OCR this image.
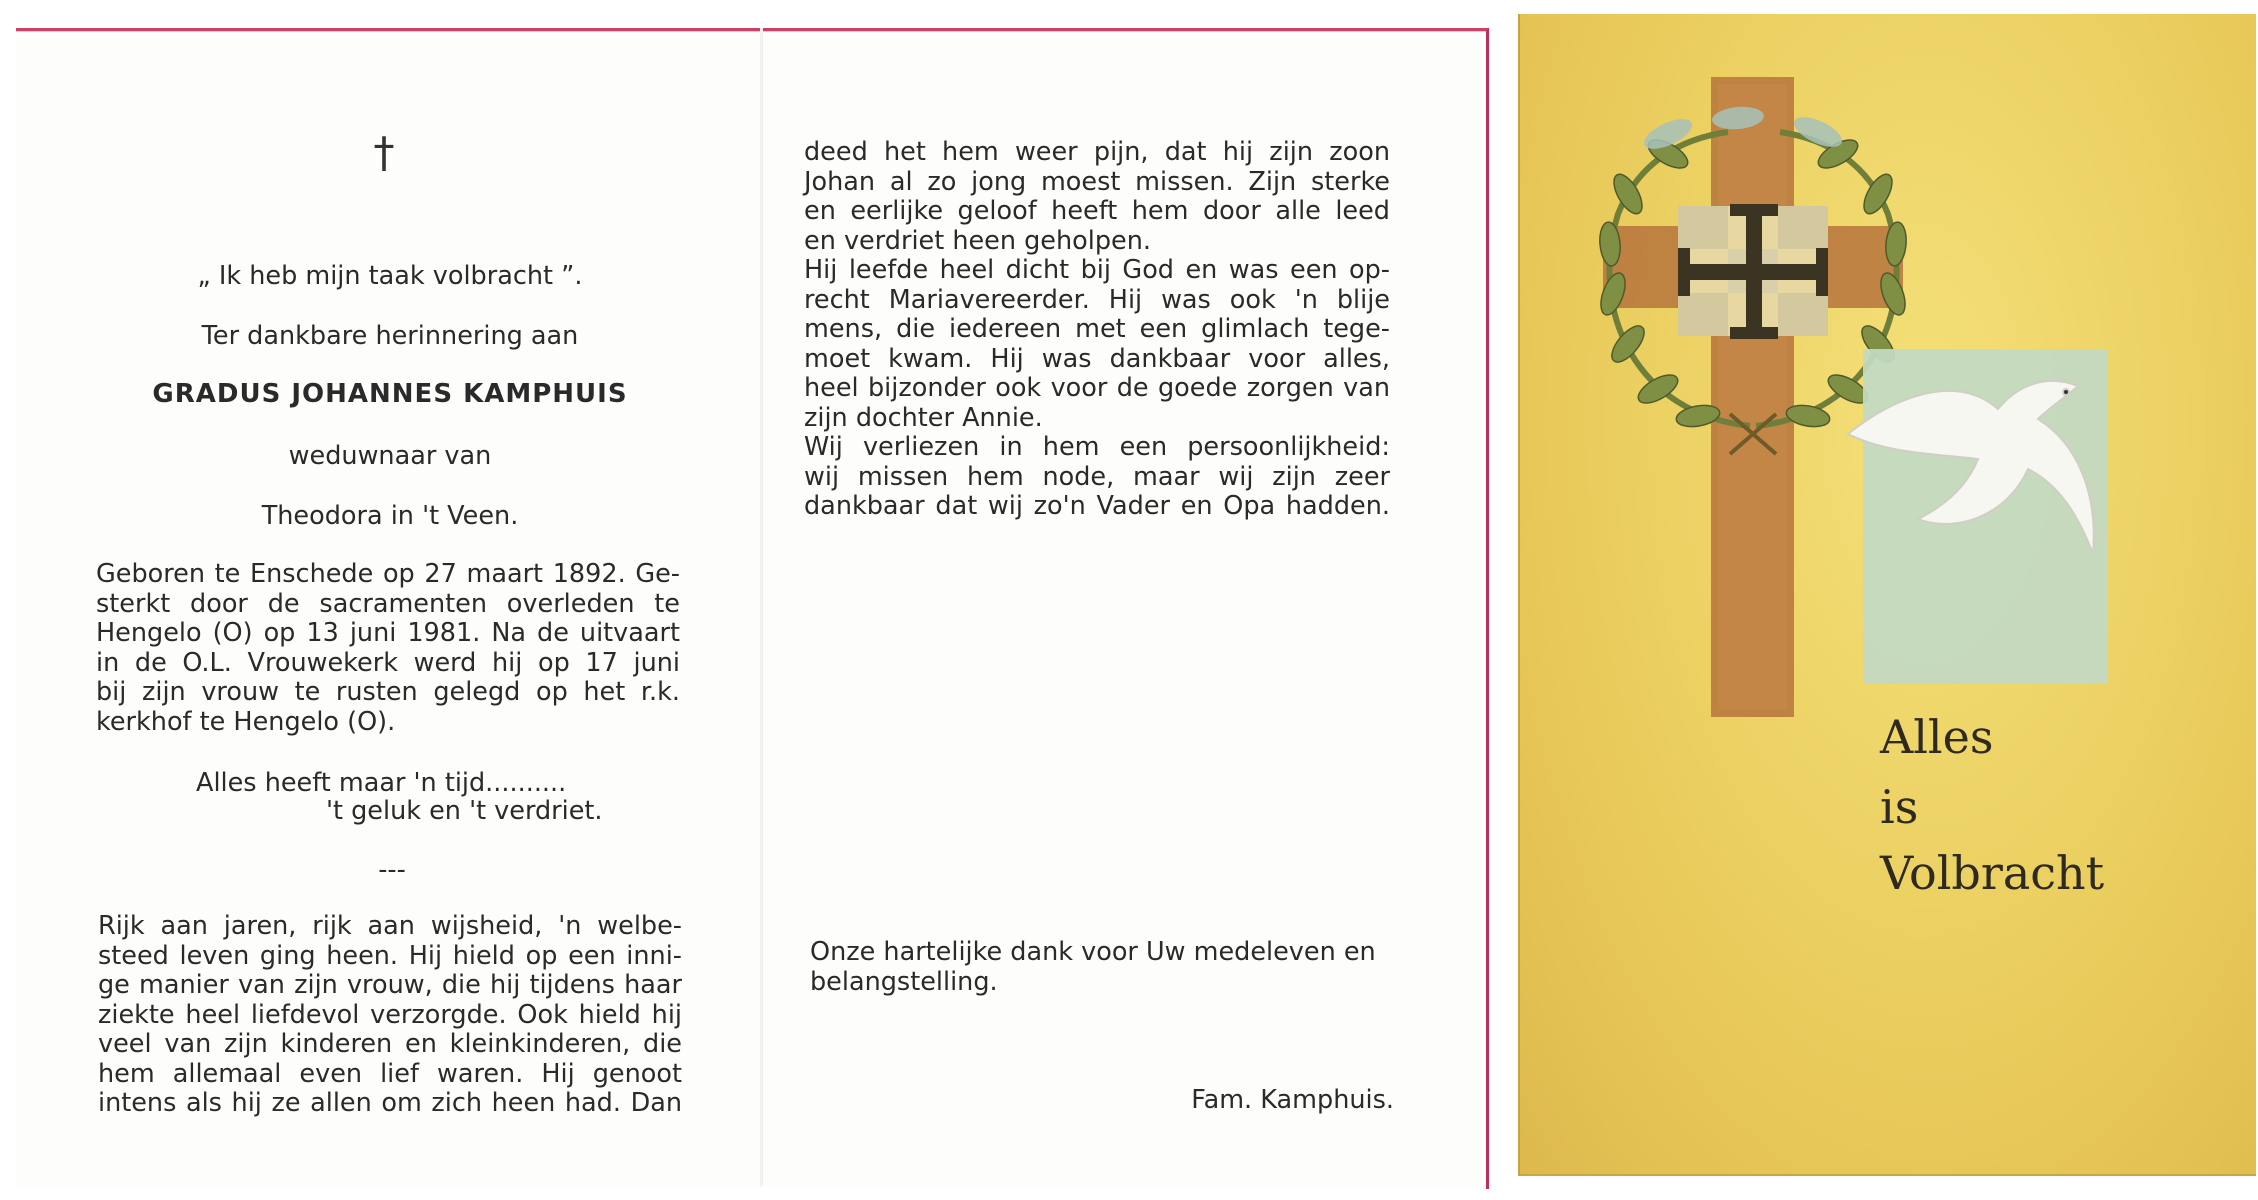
†
„ Ik heb mijn taak volbracht ”.
Ter dankbare herinnering aan
GRADUS JOHANNES KAMPHUIS
weduwnaar van
Theodora in 't Veen.
Geboren te Enschede op 27 maart 1892. Ge-
sterkt door de sacramenten overleden te
Hengelo (O) op 13 juni 1981. Na de uitvaart
in de O.L. Vrouwekerk werd hij op 17 juni
bij zijn vrouw te rusten gelegd op het r.k.
kerkhof te Hengelo (O).
Alles heeft maar 'n tijd..........
't geluk en 't verdriet.
---
Rijk aan jaren, rijk aan wijsheid, 'n welbe-
steed leven ging heen. Hij hield op een inni-
ge manier van zijn vrouw, die hij tijdens haar
ziekte heel liefdevol verzorgde. Ook hield hij
veel van zijn kinderen en kleinkinderen, die
hem allemaal even lief waren. Hij genoot
intens als hij ze allen om zich heen had. Dan
deed het hem weer pijn, dat hij zijn zoon
Johan al zo jong moest missen. Zijn sterke
en eerlijke geloof heeft hem door alle leed
en verdriet heen geholpen.
Hij leefde heel dicht bij God en was een op-
recht Mariavereerder. Hij was ook 'n blije
mens, die iedereen met een glimlach tege-
moet kwam. Hij was dankbaar voor alles,
heel bijzonder ook voor de goede zorgen van
zijn dochter Annie.
Wij verliezen in hem een persoonlijkheid:
wij missen hem node, maar wij zijn zeer
dankbaar dat wij zo'n Vader en Opa hadden.
Onze hartelijke dank voor Uw medeleven en
belangstelling.
Fam. Kamphuis.
Alles
is
Volbracht
